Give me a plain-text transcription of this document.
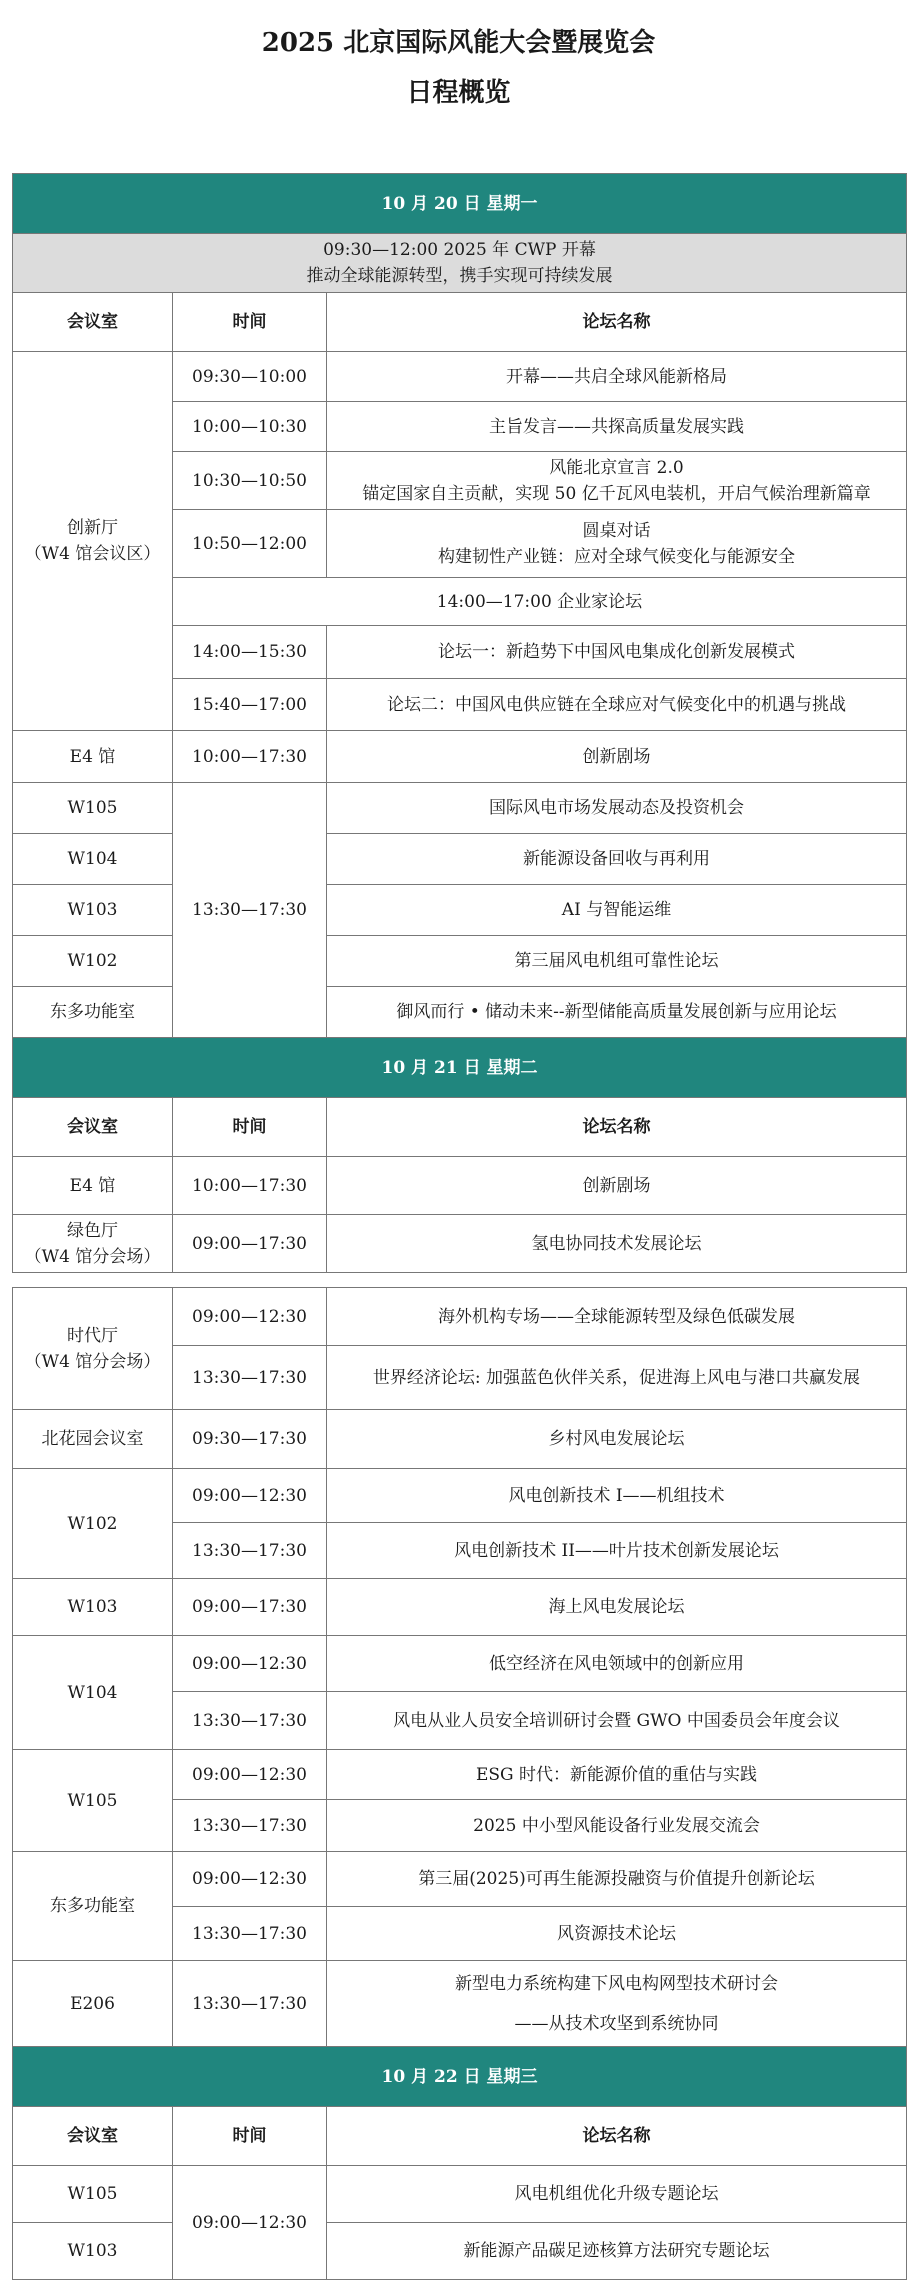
2025 北京国际风能大会暨展览会
日程概览
10 月 20 日 星期一		

09:30—12:00 2025 年 CWP 开幕
推动全球能源转型，携手实现可持续发展		

会议室	时间	论坛名称

创新厅
（W4 馆会议区）	09:30—10:00	开幕——共启全球风能新格局
	10:00—10:30	主旨发言——共探高质量发展实践
	10:30—10:50	风能北京宣言 2.0
锚定国家自主贡献，实现 50 亿千瓦风电装机，开启气候治理新篇章

	10:50—12:00	圆桌对话
构建韧性产业链：应对全球气候变化与能源安全

	14:00—17:00 企业家论坛	
	14:00—15:30	论坛一：新趋势下中国风电集成化创新发展模式
	15:40—17:00	论坛二：中国风电供应链在全球应对气候变化中的机遇与挑战
E4 馆	10:00—17:30	创新剧场
W105	13:30—17:30	国际风电市场发展动态及投资机会
W104		新能源设备回收与再利用
W103		AI 与智能运维
W102		第三届风电机组可靠性论坛
东多功能室		御风而行 • 储动未来--新型储能高质量发展创新与应用论坛
10 月 21 日 星期二		
会议室	时间	论坛名称
E4 馆	10:00—17:30	创新剧场

绿色厅
（W4 馆分会场）	09:00—17:30	氢电协同技术发展论坛
时代厅
（W4 馆分会场）	09:00—12:30	海外机构专场——全球能源转型及绿色低碳发展
	13:30—17:30	世界经济论坛: 加强蓝色伙伴关系，促进海上风电与港口共赢发展
北花园会议室	09:30—17:30	乡村风电发展论坛
W102	09:00—12:30	风电创新技术 I——机组技术
	13:30—17:30	风电创新技术 II——叶片技术创新发展论坛
W103	09:00—17:30	海上风电发展论坛
W104	09:00—12:30	低空经济在风电领域中的创新应用
	13:30—17:30	风电从业人员安全培训研讨会暨 GWO 中国委员会年度会议
W105	09:00—12:30	ESG 时代：新能源价值的重估与实践
	13:30—17:30	2025 中小型风能设备行业发展交流会
东多功能室	09:00—12:30	第三届(2025)可再生能源投融资与价值提升创新论坛
	13:30—17:30	风资源技术论坛
E206	13:30—17:30	新型电力系统构建下风电构网型技术研讨会
——从技术攻坚到系统协同

10 月 22 日 星期三		
会议室	时间	论坛名称
W105	09:00—12:30	风电机组优化升级专题论坛
W103		新能源产品碳足迹核算方法研究专题论坛
